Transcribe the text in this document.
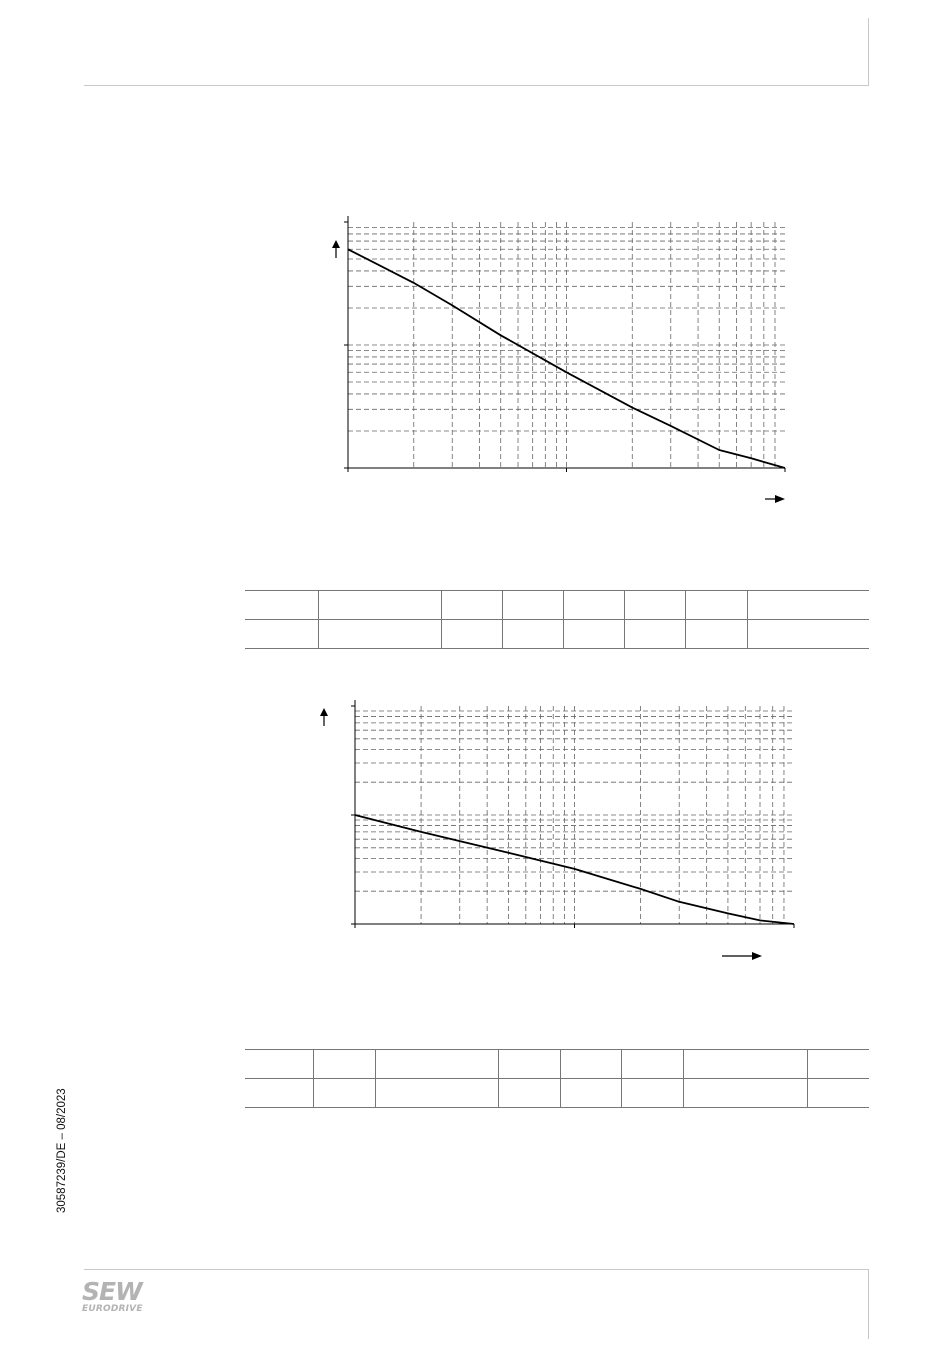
30587239/DE – 08/2023
SEW
EURODRIVE
